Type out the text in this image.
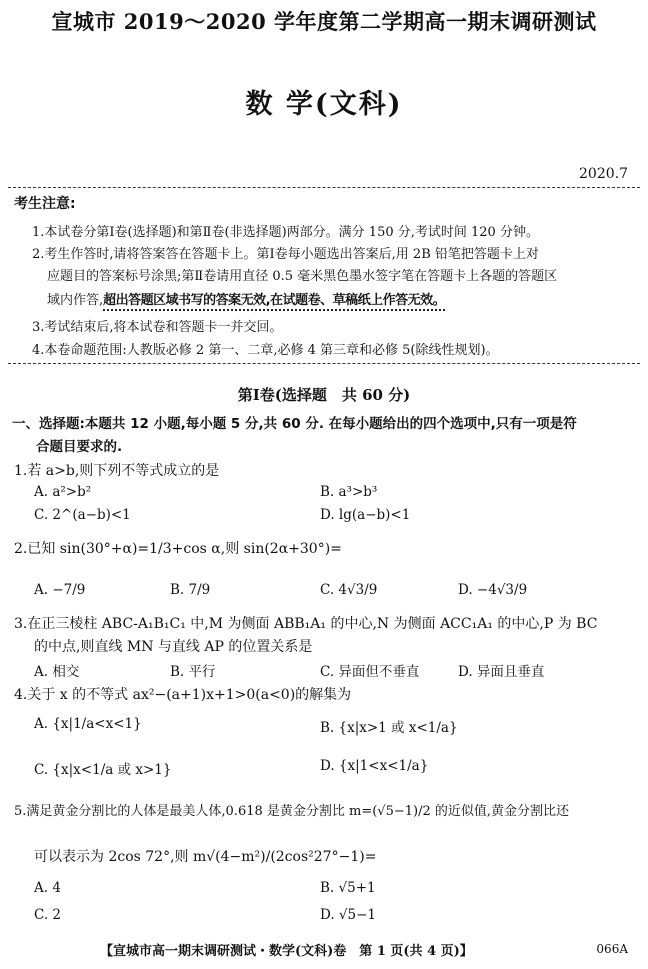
宣城市 2019～2020 学年度第二学期高一期末调研测试
数 学(文科)
2020.7
考生注意:
1.本试卷分第Ⅰ卷(选择题)和第Ⅱ卷(非选择题)两部分。满分 150 分,考试时间 120 分钟。
2.考生作答时,请将答案答在答题卡上。第Ⅰ卷每小题选出答案后,用 2B 铅笔把答题卡上对
应题目的答案标号涂黑;第Ⅱ卷请用直径 0.5 毫米黑色墨水签字笔在答题卡上各题的答题区
域内作答,超出答题区域书写的答案无效,在试题卷、草稿纸上作答无效。
3.考试结束后,将本试卷和答题卡一并交回。
4.本卷命题范围:人教版必修 2 第一、二章,必修 4 第三章和必修 5(除线性规划)。
第Ⅰ卷(选择题　共 60 分)
一、选择题:本题共 12 小题,每小题 5 分,共 60 分. 在每小题给出的四个选项中,只有一项是符
合题目要求的.
1.若 a>b,则下列不等式成立的是
A. a²>b²	B. a³>b³
C. 2^(a−b)<1	D. lg(a−b)<1
2.已知 sin(30°+α)=1/3+cos α,则 sin(2α+30°)=
A. −7/9	B. 7/9	C. 4√3/9	D. −4√3/9
3.在正三棱柱 ABC-A₁B₁C₁ 中,M 为侧面 ABB₁A₁ 的中心,N 为侧面 ACC₁A₁ 的中心,P 为 BC
的中点,则直线 MN 与直线 AP 的位置关系是
A. 相交	B. 平行	C. 异面但不垂直	D. 异面且垂直
4.关于 x 的不等式 ax²−(a+1)x+1>0(a<0)的解集为
A. {x|1/a<x<1}	B. {x|x>1 或 x<1/a}
C. {x|x<1/a 或 x>1}	D. {x|1<x<1/a}
5.满足黄金分割比的人体是最美人体,0.618 是黄金分割比 m=(√5−1)/2 的近似值,黄金分割比还
可以表示为 2cos 72°,则 m√(4−m²)/(2cos²27°−1)=
A. 4	B. √5+1
C. 2	D. √5−1
【宣城市高一期末调研测试・数学(文科)卷　第 1 页(共 4 页)】	066A
